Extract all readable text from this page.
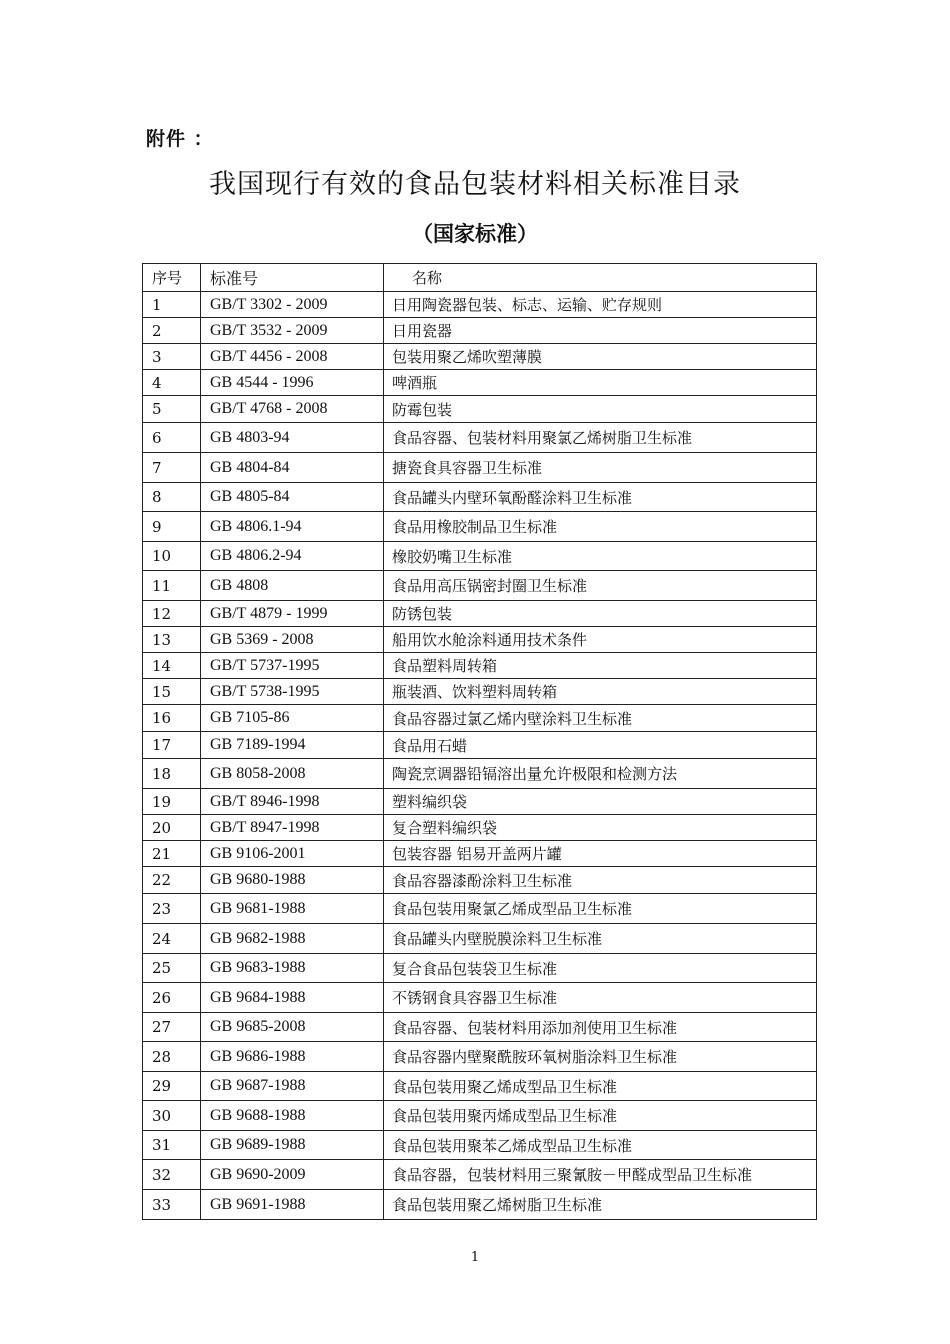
附件 ：
我国现行有效的食品包装材料相关标准目录
（国家标准）
序号	标准号	名称
1	GB/T 3302 - 2009	日用陶瓷器包装、标志、运输、贮存规则
2	GB/T 3532 - 2009	日用瓷器
3	GB/T 4456 - 2008	包装用聚乙烯吹塑薄膜
4	GB 4544 - 1996	啤酒瓶
5	GB/T 4768 - 2008	防霉包装
6	GB 4803-94	食品容器、包装材料用聚氯乙烯树脂卫生标准
7	GB 4804-84	搪瓷食具容器卫生标准
8	GB 4805-84	食品罐头内壁环氧酚醛涂料卫生标准
9	GB 4806.1-94	食品用橡胶制品卫生标准
10	GB 4806.2-94	橡胶奶嘴卫生标准
11	GB 4808	食品用高压锅密封圈卫生标准
12	GB/T 4879 - 1999	防锈包装
13	GB 5369 - 2008	船用饮水舱涂料通用技术条件
14	GB/T 5737-1995	食品塑料周转箱
15	GB/T 5738-1995	瓶装酒、饮料塑料周转箱
16	GB 7105-86	食品容器过氯乙烯内壁涂料卫生标准
17	GB 7189-1994	食品用石蜡
18	GB 8058-2008	陶瓷烹调器铅镉溶出量允许极限和检测方法
19	GB/T 8946-1998	塑料编织袋
20	GB/T 8947-1998	复合塑料编织袋
21	GB 9106-2001	包装容器 铝易开盖两片罐
22	GB 9680-1988	食品容器漆酚涂料卫生标准
23	GB 9681-1988	食品包装用聚氯乙烯成型品卫生标准
24	GB 9682-1988	食品罐头内壁脱膜涂料卫生标准
25	GB 9683-1988	复合食品包装袋卫生标准
26	GB 9684-1988	不锈钢食具容器卫生标准
27	GB 9685-2008	食品容器、包装材料用添加剂使用卫生标准
28	GB 9686-1988	食品容器内壁聚酰胺环氧树脂涂料卫生标准
29	GB 9687-1988	食品包装用聚乙烯成型品卫生标准
30	GB 9688-1988	食品包装用聚丙烯成型品卫生标准
31	GB 9689-1988	食品包装用聚苯乙烯成型品卫生标准
32	GB 9690-2009	食品容器，包装材料用三聚氰胺－甲醛成型品卫生标准
33	GB 9691-1988	食品包装用聚乙烯树脂卫生标准
1
